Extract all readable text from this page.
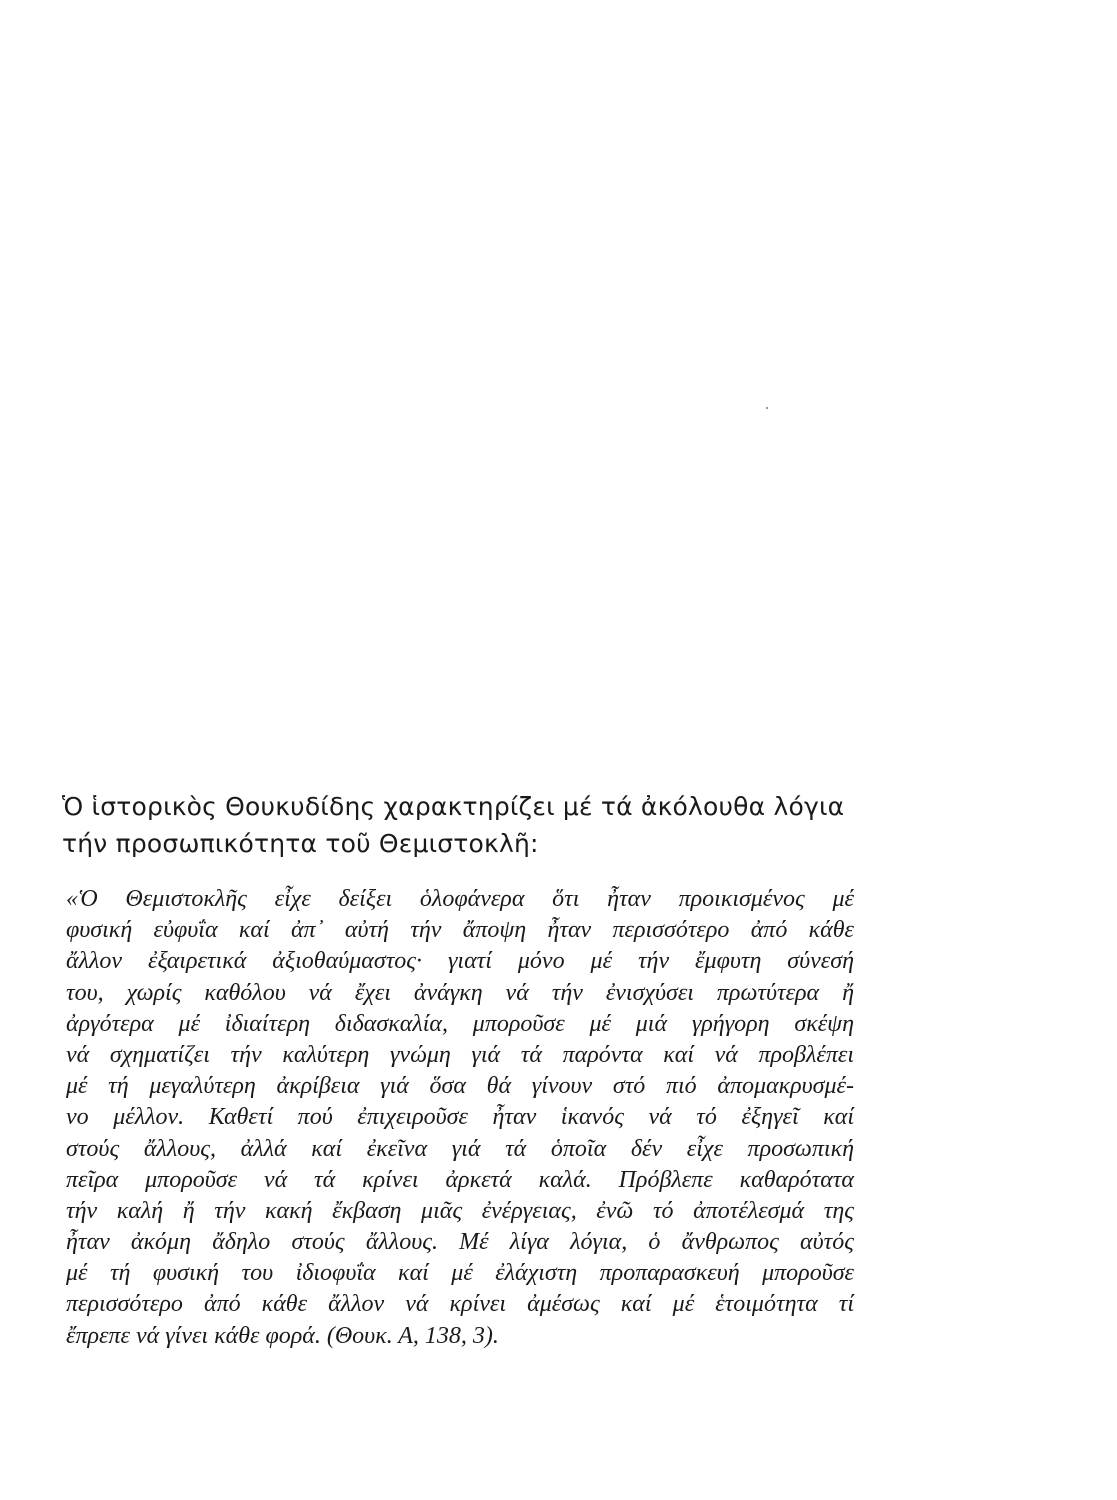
Ὁ ἱστορικὸς Θουκυδίδης χαρακτηρίζει μέ τά ἀκόλουθα λόγια
τήν προσωπικότητα τοῦ Θεμιστοκλῆ:
«Ὁ Θεμιστοκλῆς εἶχε δείξει ὁλοφάνερα ὅτι ἦταν προικισμένος μέ
φυσική εὐφυΐα καί ἀπ᾽ αὐτή τήν ἄποψη ἦταν περισσότερο ἀπό κάθε
ἄλλον ἐξαιρετικά ἀξιοθαύμαστος· γιατί μόνο μέ τήν ἔμφυτη σύνεσή
του, χωρίς καθόλου νά ἔχει ἀνάγκη νά τήν ἐνισχύσει πρωτύτερα ἤ
ἀργότερα μέ ἰδιαίτερη διδασκαλία, μποροῦσε μέ μιά γρήγορη σκέψη
νά σχηματίζει τήν καλύτερη γνώμη γιά τά παρόντα καί νά προβλέπει
μέ τή μεγαλύτερη ἀκρίβεια γιά ὅσα θά γίνουν στό πιό ἀπομακρυσμέ-
νο μέλλον. Καθετί πού ἐπιχειροῦσε ἦταν ἱκανός νά τό ἐξηγεῖ καί
στούς ἄλλους, ἀλλά καί ἐκεῖνα γιά τά ὁποῖα δέν εἶχε προσωπική
πεῖρα μποροῦσε νά τά κρίνει ἀρκετά καλά. Πρόβλεπε καθαρότατα
τήν καλή ἤ τήν κακή ἔκβαση μιᾶς ἐνέργειας, ἐνῶ τό ἀποτέλεσμά της
ἦταν ἀκόμη ἄδηλο στούς ἄλλους. Μέ λίγα λόγια, ὁ ἄνθρωπος αὐτός
μέ τή φυσική του ἰδιοφυΐα καί μέ ἐλάχιστη προπαρασκευή μποροῦσε
περισσότερο ἀπό κάθε ἄλλον νά κρίνει ἀμέσως καί μέ ἑτοιμότητα τί
ἔπρεπε νά γίνει κάθε φορά. (Θουκ. Α, 138, 3).
